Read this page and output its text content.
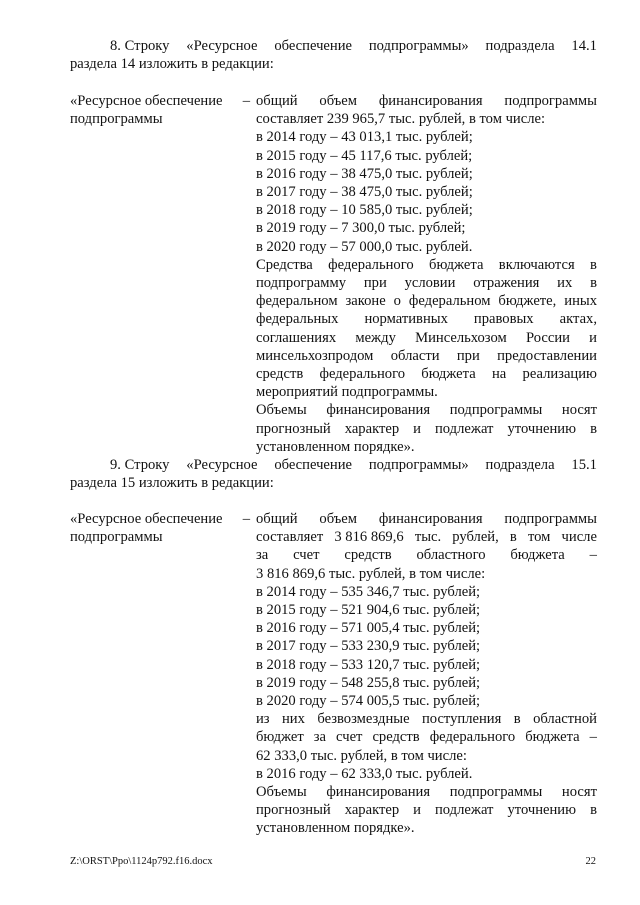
8. Строку «Ресурсное обеспечение подпрограммы» подраздела 14.1
раздела 14 изложить в редакции:
«Ресурсное обеспечение –
подпрограммы
общий объем финансирования подпрограммы
составляет 239 965,7 тыс. рублей, в том числе:
в 2014 году – 43 013,1 тыс. рублей;
в 2015 году – 45 117,6 тыс. рублей;
в 2016 году – 38 475,0 тыс. рублей;
в 2017 году – 38 475,0 тыс. рублей;
в 2018 году – 10 585,0 тыс. рублей;
в 2019 году – 7 300,0 тыс. рублей;
в 2020 году – 57 000,0 тыс. рублей.
Средства федерального бюджета включаются в
подпрограмму при условии отражения их в
федеральном законе о федеральном бюджете, иных
федеральных нормативных правовых актах,
соглашениях между Минсельхозом России и
минсельхозпродом области при предоставлении
средств федерального бюджета на реализацию
мероприятий подпрограммы.
Объемы финансирования подпрограммы носят
прогнозный характер и подлежат уточнению в
установленном порядке».
9. Строку «Ресурсное обеспечение подпрограммы» подраздела 15.1
раздела 15 изложить в редакции:
«Ресурсное обеспечение –
подпрограммы
общий объем финансирования подпрограммы
составляет 3 816 869,6 тыс. рублей, в том числе
за счет средств областного бюджета –
3 816 869,6 тыс. рублей, в том числе:
в 2014 году – 535 346,7 тыс. рублей;
в 2015 году – 521 904,6 тыс. рублей;
в 2016 году – 571 005,4 тыс. рублей;
в 2017 году – 533 230,9 тыс. рублей;
в 2018 году – 533 120,7 тыс. рублей;
в 2019 году – 548 255,8 тыс. рублей;
в 2020 году – 574 005,5 тыс. рублей;
из них безвозмездные поступления в областной
бюджет за счет средств федерального бюджета –
62 333,0 тыс. рублей, в том числе:
в 2016 году – 62 333,0 тыс. рублей.
Объемы финансирования подпрограммы носят
прогнозный характер и подлежат уточнению в
установленном порядке».
Z:\ORST\Ppo\1124p792.f16.docx	22
